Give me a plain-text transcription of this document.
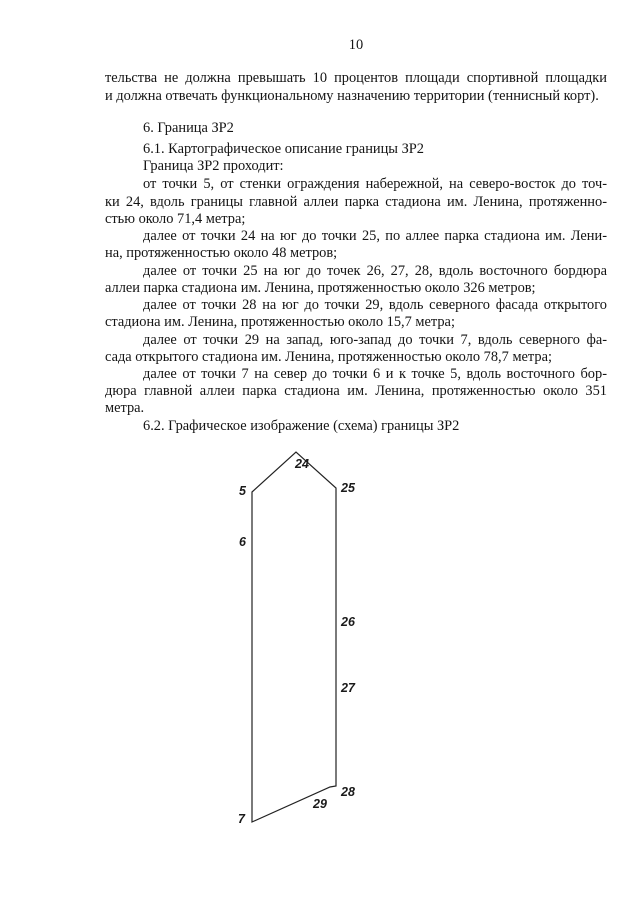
10
тельства не должна превышать 10 процентов площади спортивной площадки
и должна отвечать функциональному назначению территории (теннисный корт).
6. Граница ЗР2
6.1. Картографическое описание границы ЗР2
Граница ЗР2 проходит:
от точки 5, от стенки ограждения набережной, на северо-восток до точ-
ки 24, вдоль границы главной аллеи парка стадиона им. Ленина, протяженно-
стью около 71,4 метра;
далее от точки 24 на юг до точки 25, по аллее парка стадиона им. Лени-
на, протяженностью около 48 метров;
далее от точки 25 на юг до точек 26, 27, 28, вдоль восточного бордюра
аллеи парка стадиона им. Ленина, протяженностью около 326 метров;
далее от точки 28 на юг до точки 29, вдоль северного фасада открытого
стадиона им. Ленина, протяженностью около 15,7 метра;
далее от точки 29 на запад, юго-запад до точки 7, вдоль северного фа-
сада открытого стадиона им. Ленина, протяженностью около 78,7 метра;
далее от точки 7 на север до точки 6 и к точке 5, вдоль восточного бор-
дюра главной аллеи парка стадиона им. Ленина, протяженностью около 351
метра.
6.2. Графическое изображение (схема) границы ЗР2
24
5	25
6
26
27
28
29
7
